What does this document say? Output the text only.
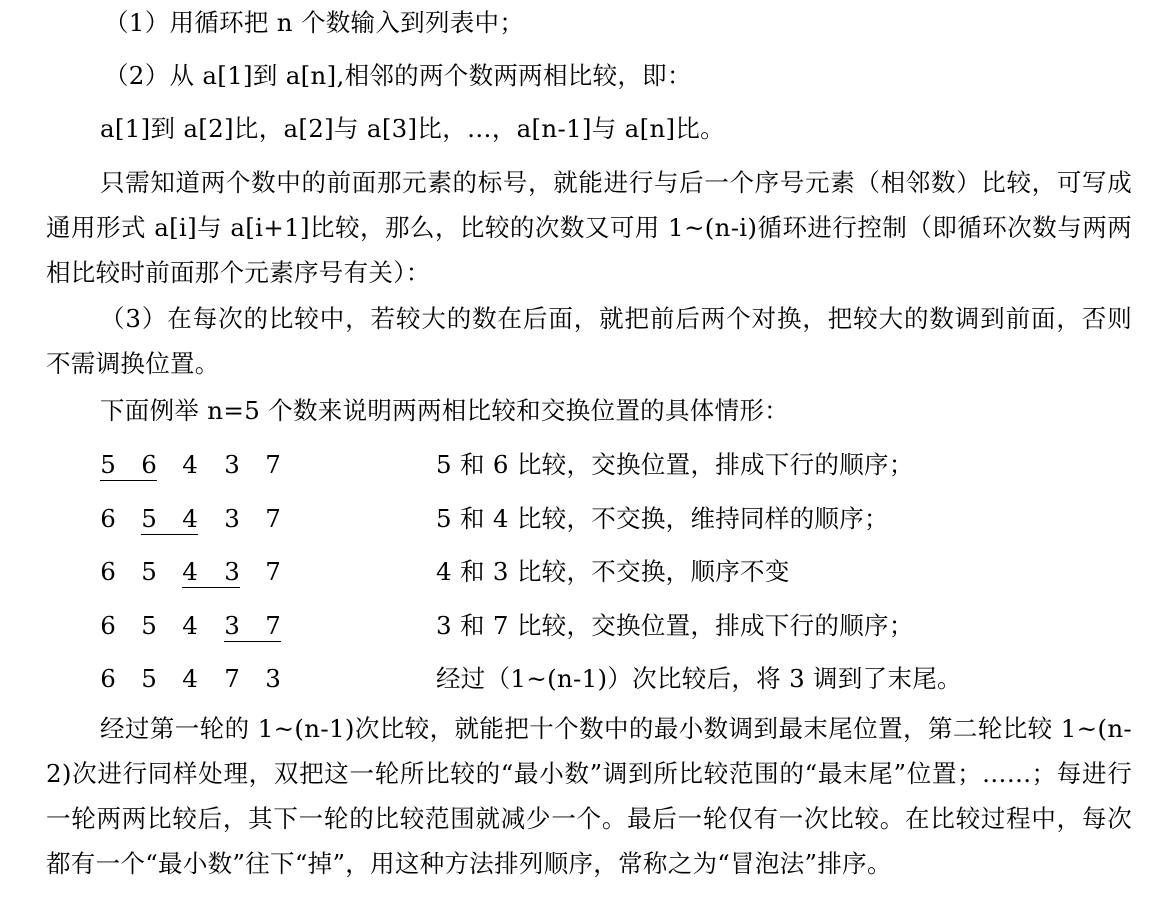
（1）用循环把 n 个数输入到列表中；
（2）从 a[1]到 a[n],相邻的两个数两两相比较，即：
a[1]到 a[2]比，a[2]与 a[3]比，…，a[n-1]与 a[n]比。

只需知道两个数中的前面那元素的标号，就能进行与后一个序号元素（相邻数）比较，可写成通用形式 a[i]与 a[i+1]比较，那么，比较的次数又可用 1~(n-i)循环进行控制（即循环次数与两两相比较时前面那个元素序号有关）：

（3）在每次的比较中，若较大的数在后面，就把前后两个对换，把较大的数调到前面，否则不需调换位置。

下面例举 n=5 个数来说明两两相比较和交换位置的具体情形：
5 6 4 3 7	5 和 6 比较，交换位置，排成下行的顺序；
6 5 4 3 7	5 和 4 比较，不交换，维持同样的顺序；
6 5 4 3 7	4 和 3 比较，不交换，顺序不变
6 5 4 3 7	3 和 7 比较，交换位置，排成下行的顺序；
6 5 4 7 3	经过（1~(n-1)）次比较后，将 3 调到了末尾。

经过第一轮的 1~(n-1)次比较，就能把十个数中的最小数调到最末尾位置，第二轮比较 1~(n-2)次进行同样处理，双把这一轮所比较的“最小数”调到所比较范围的“最末尾”位置；……；每进行一轮两两比较后，其下一轮的比较范围就减少一个。最后一轮仅有一次比较。在比较过程中，每次都有一个“最小数”往下“掉”，用这种方法排列顺序，常称之为“冒泡法”排序。
